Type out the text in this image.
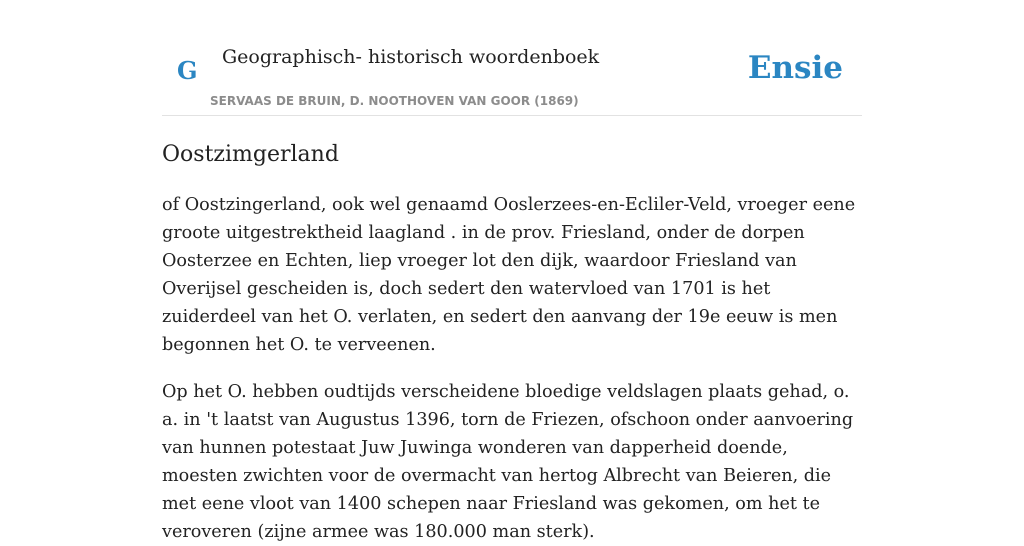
G Geographisch- historisch woordenboek
SERVAAS DE BRUIN, D. NOOTHOVEN VAN GOOR (1869)
Ensie
Oostzimgerland

of Oostzingerland, ook wel genaamd Ooslerzees-en-Ecliler-Veld, vroeger eene groote uitgestrektheid laagland . in de prov. Friesland, onder de dorpen Oosterzee en Echten, liep vroeger lot den dijk, waardoor Friesland van Overijsel gescheiden is, doch sedert den watervloed van 1701 is het zuiderdeel van het O. verlaten, en sedert den aanvang der 19e eeuw is men begonnen het O. te verveenen.

Op het O. hebben oudtijds verscheidene bloedige veldslagen plaats gehad, o. a. in 't laatst van Augustus 1396, torn de Friezen, ofschoon onder aanvoering van hunnen potestaat Juw Juwinga wonderen van dapperheid doende, moesten zwichten voor de overmacht van hertog Albrecht van Beieren, die met eene vloot van 1400 schepen naar Friesland was gekomen, om het te veroveren (zijne armee was 180.000 man sterk).
